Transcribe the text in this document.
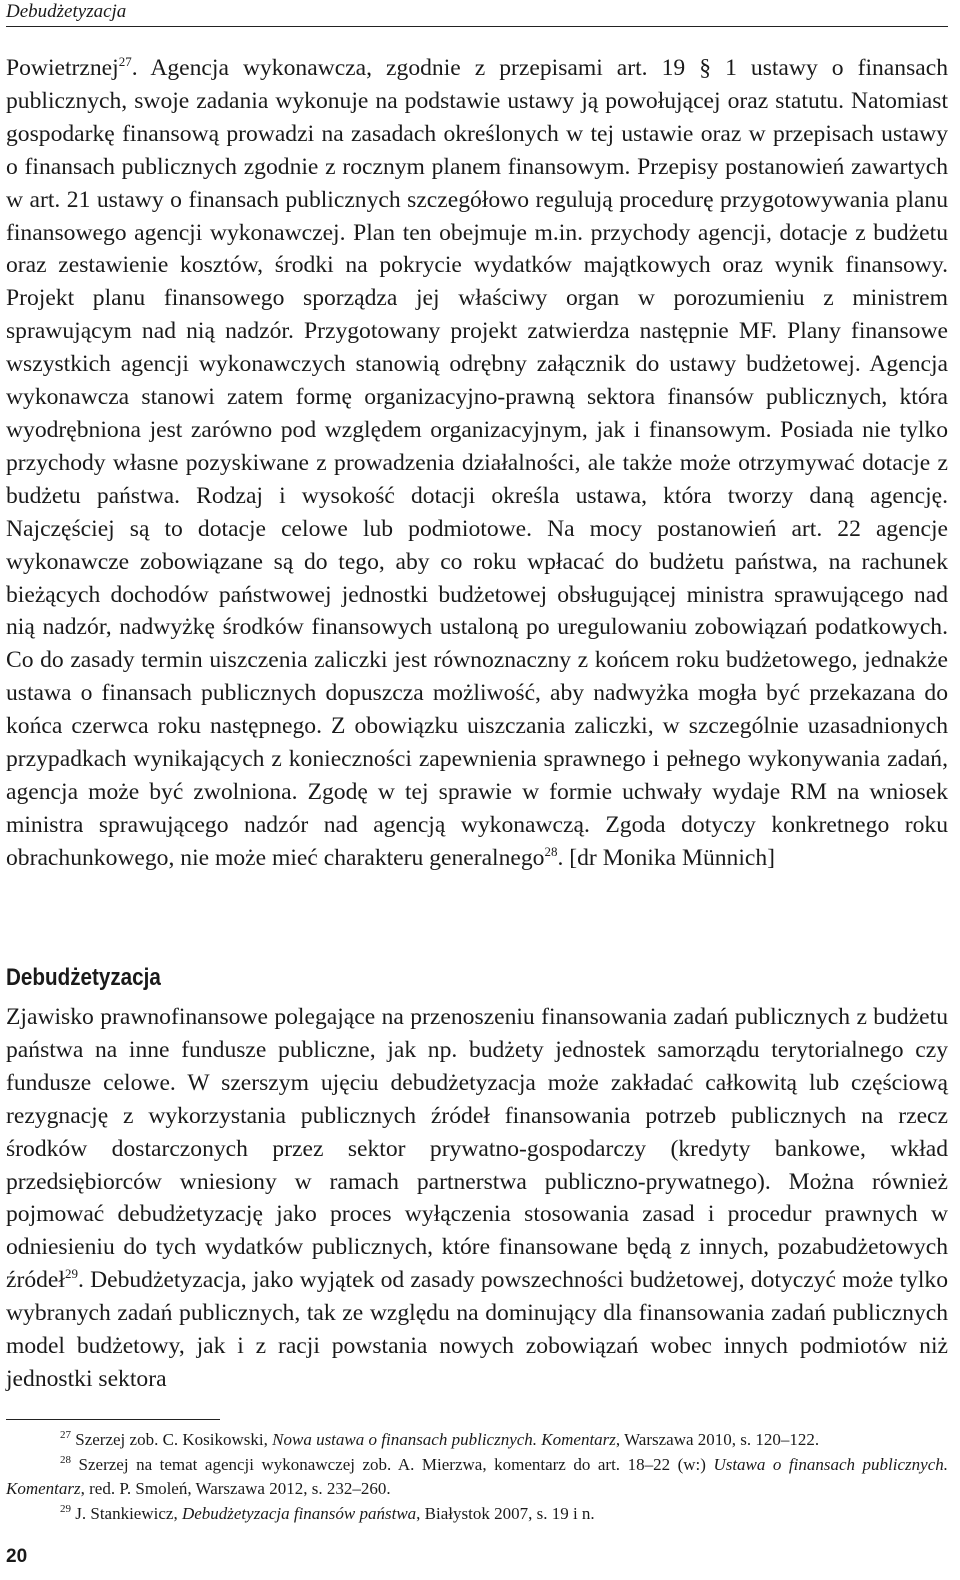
Debudżetyzacja

Powietrznej$^{27}$. Agencja wykonawcza, zgodnie z przepisami art. 19 § 1 ustawy o finansach publicznych, swoje zadania wykonuje na podstawie ustawy ją powołującej oraz statutu. Natomiast gospodarkę finansową prowadzi na zasadach określonych w tej ustawie oraz w przepisach ustawy o finansach publicznych zgodnie z rocznym planem finansowym. Przepisy postanowień zawartych w art. 21 ustawy o finansach publicznych szczegółowo regulują procedurę przygotowywania planu finansowego agencji wykonawczej. Plan ten obejmuje m.in. przychody agencji, dotacje z budżetu oraz zestawienie kosztów, środki na pokrycie wydatków majątkowych oraz wynik finansowy. Projekt planu finansowego sporządza jej właściwy organ w porozumieniu z ministrem sprawującym nad nią nadzór. Przygotowany projekt zatwierdza następnie MF. Plany finansowe wszystkich agencji wykonawczych stanowią odrębny załącznik do ustawy budżetowej. Agencja wykonawcza stanowi zatem formę organizacyjno-prawną sektora finansów publicznych, która wyodrębniona jest zarówno pod względem organizacyjnym, jak i finansowym. Posiada nie tylko przychody własne pozyskiwane z prowadzenia działalności, ale także może otrzymywać dotacje z budżetu państwa. Rodzaj i wysokość dotacji określa ustawa, która tworzy daną agencję. Najczęściej są to dotacje celowe lub podmiotowe. Na mocy postanowień art. 22 agencje wykonawcze zobowiązane są do tego, aby co roku wpłacać do budżetu państwa, na rachunek bieżących dochodów państwowej jednostki budżetowej obsługującej ministra sprawującego nad nią nadzór, nadwyżkę środków finansowych ustaloną po uregulowaniu zobowiązań podatkowych. Co do zasady termin uiszczenia zaliczki jest równoznaczny z końcem roku budżetowego, jednakże ustawa o finansach publicznych dopuszcza możliwość, aby nadwyżka mogła być przekazana do końca czerwca roku następnego. Z obowiązku uiszczania zaliczki, w szczególnie uzasadnionych przypadkach wynikających z konieczności zapewnienia sprawnego i pełnego wykonywania zadań, agencja może być zwolniona. Zgodę w tej sprawie w formie uchwały wydaje RM na wniosek ministra sprawującego nadzór nad agencją wykonawczą. Zgoda dotyczy konkretnego roku obrachunkowego, nie może mieć charakteru generalnego$^{28}$. [dr Monika Münnich]

Debudżetyzacja

Zjawisko prawnofinansowe polegające na przenoszeniu finansowania zadań publicznych z budżetu państwa na inne fundusze publiczne, jak np. budżety jednostek samorządu terytorialnego czy fundusze celowe. W szerszym ujęciu debudżetyzacja może zakładać całkowitą lub częściową rezygnację z wykorzystania publicznych źródeł finansowania potrzeb publicznych na rzecz środków dostarczonych przez sektor prywatno-gospodarczy (kredyty bankowe, wkład przedsiębiorców wniesiony w ramach partnerstwa publiczno-prywatnego). Można również pojmować debudżetyzację jako proces wyłączenia stosowania zasad i procedur prawnych w odniesieniu do tych wydatków publicznych, które finansowane będą z innych, pozabudżetowych źródeł$^{29}$. Debudżetyzacja, jako wyjątek od zasady powszechności budżetowej, dotyczyć może tylko wybranych zadań publicznych, tak ze względu na dominujący dla finansowania zadań publicznych model budżetowy, jak i z racji powstania nowych zobowiązań wobec innych podmiotów niż jednostki sektora

$^{27}$ Szerzej zob. C. Kosikowski, Nowa ustawa o finansach publicznych. Komentarz, Warszawa 2010, s. 120–122.

$^{28}$ Szerzej na temat agencji wykonawczej zob. A. Mierzwa, komentarz do art. 18–22 (w:) Ustawa o finansach publicznych. Komentarz, red. P. Smoleń, Warszawa 2012, s. 232–260.

$^{29}$ J. Stankiewicz, Debudżetyzacja finansów państwa, Białystok 2007, s. 19 i n.

20
